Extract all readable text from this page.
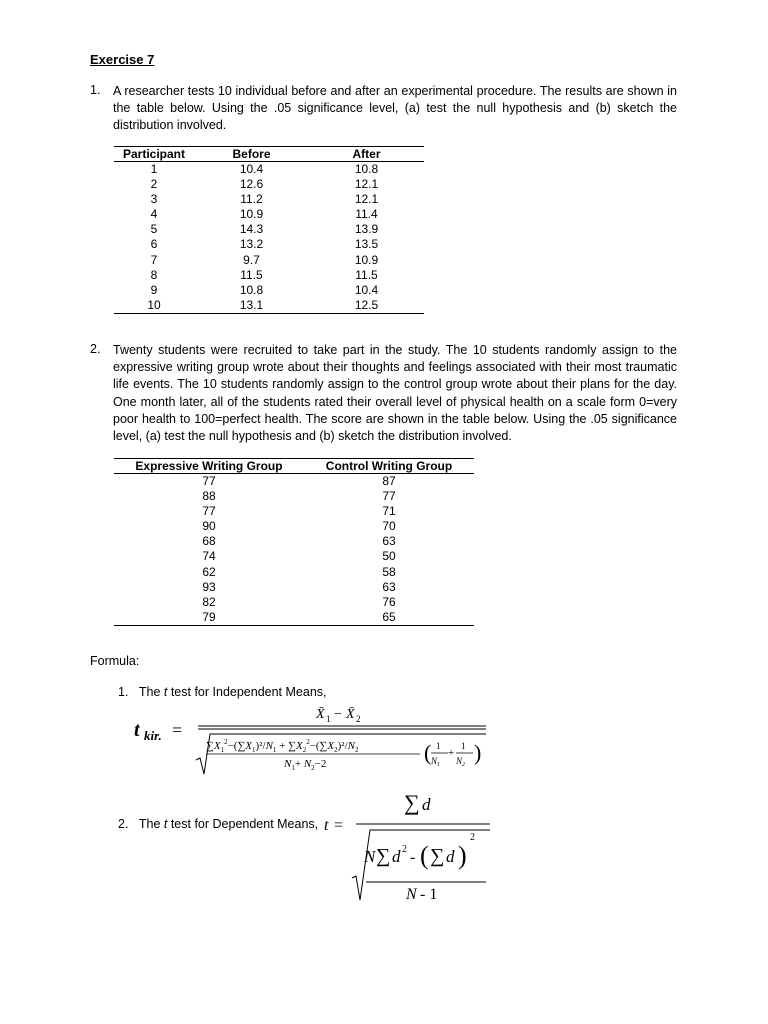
Exercise 7
1. A researcher tests 10 individual before and after an experimental procedure. The results are shown in the table below. Using the .05 significance level, (a) test the null hypothesis and (b) sketch the distribution involved.
Participant	Before	After
1	10.4	10.8
2	12.6	12.1
3	11.2	12.1
4	10.9	11.4
5	14.3	13.9
6	13.2	13.5
7	9.7	10.9
8	11.5	11.5
9	10.8	10.4
10	13.1	12.5
2. Twenty students were recruited to take part in the study. The 10 students randomly assign to the expressive writing group wrote about their thoughts and feelings associated with their most traumatic life events. The 10 students randomly assign to the control group wrote about their plans for the day. One month later, all of the students rated their overall level of physical health on a scale form 0=very poor health to 100=perfect health. The score are shown in the table below. Using the .05 significance level, (a) test the null hypothesis and (b) sketch the distribution involved.
Expressive Writing Group	Control Writing Group
77	87
88	77
77	71
90	70
68	63
74	50
62	58
93	63
82	76
79	65
Formula:
1. The t test for Independent Means,
t kir. =
X̄ 1 − X̄ 2
$\sum X_1^2-(\sum X_1)^2/N_1 + \sum X_2^2-(\sum X_2)^2/N_2$
$N_1+ N_2-2$	( 1
$N_1$
+
1
$N_2$ )
2. The t test for Dependent Means, t =
∑ d
N ∑ d 2 - ( ∑ d )
2
N - 1
